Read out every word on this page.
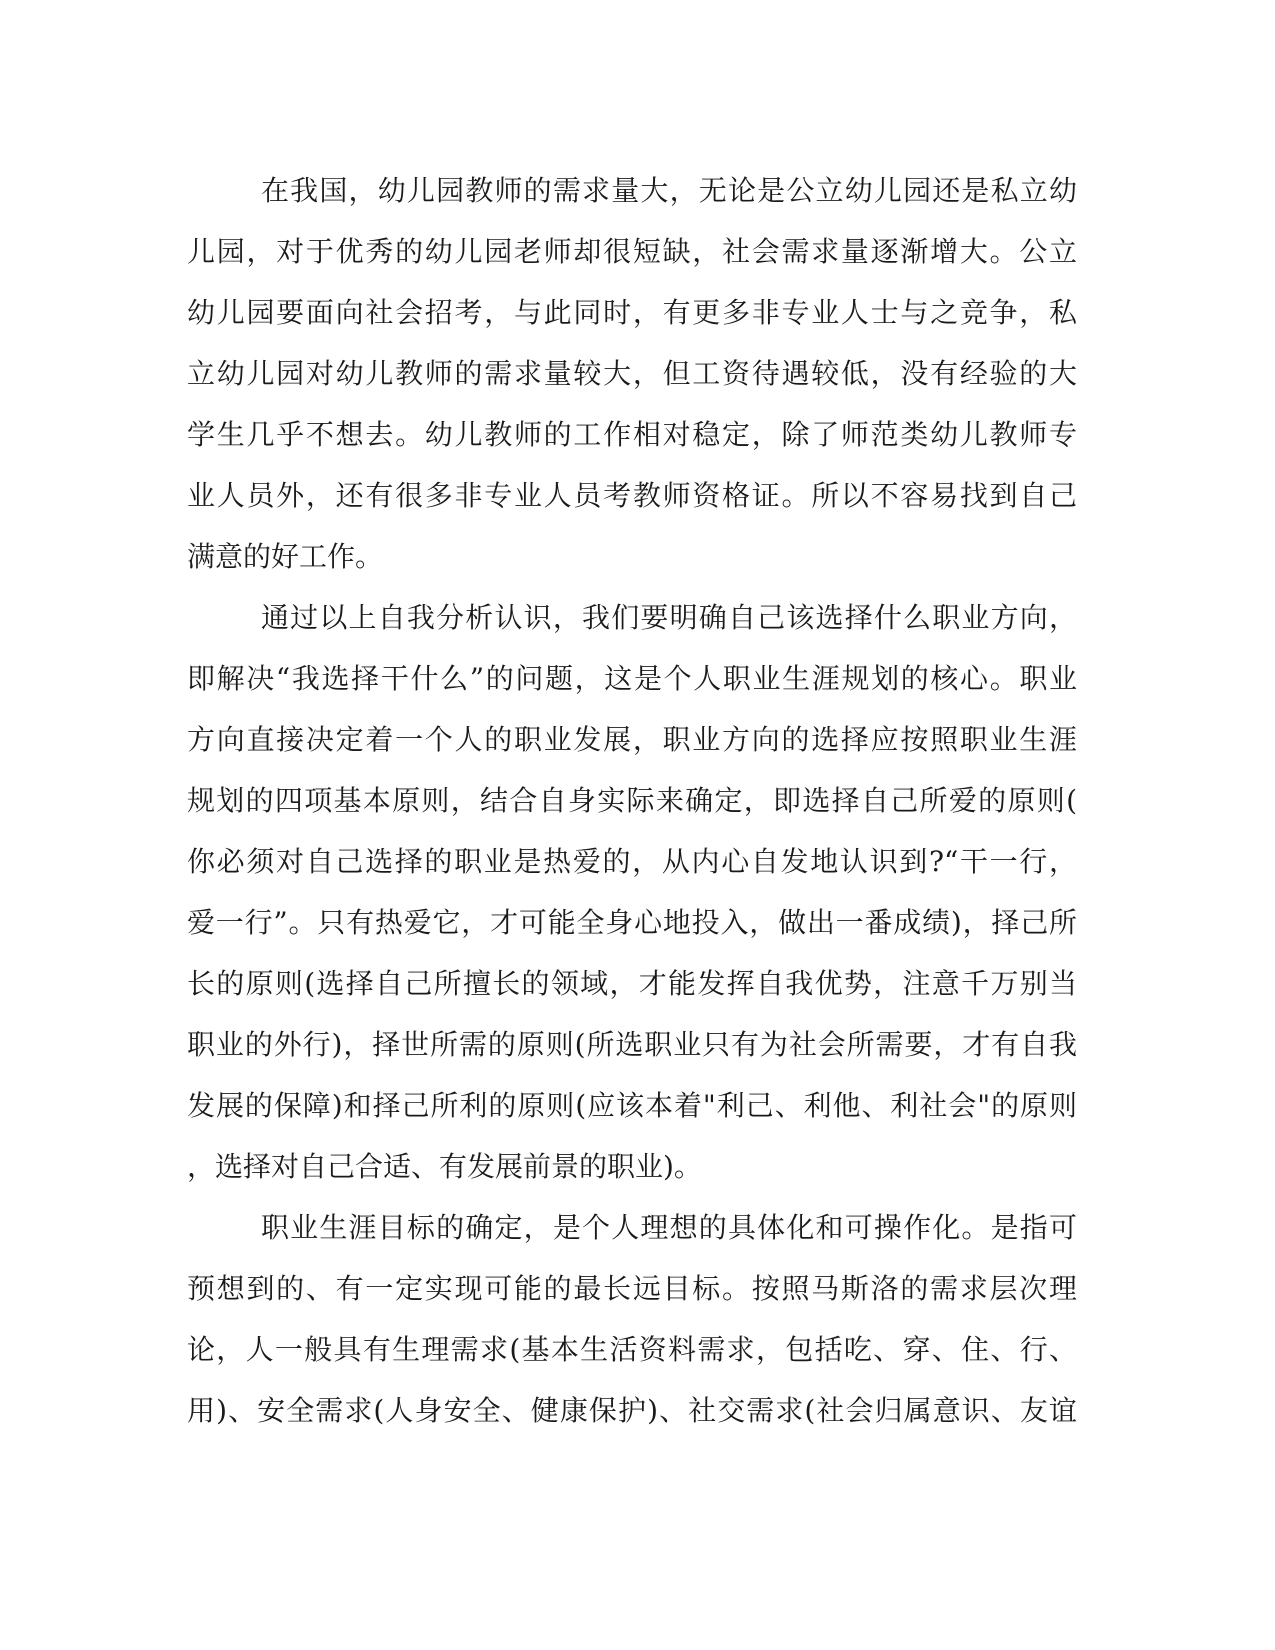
在我国，幼儿园教师的需求量大，无论是公立幼儿园还是私立幼
儿园，对于优秀的幼儿园老师却很短缺，社会需求量逐渐增大。公立
幼儿园要面向社会招考，与此同时，有更多非专业人士与之竞争，私
立幼儿园对幼儿教师的需求量较大，但工资待遇较低，没有经验的大
学生几乎不想去。幼儿教师的工作相对稳定，除了师范类幼儿教师专
业人员外，还有很多非专业人员考教师资格证。所以不容易找到自己
满意的好工作。
通过以上自我分析认识，我们要明确自己该选择什么职业方向，
即解决“我选择干什么”的问题，这是个人职业生涯规划的核心。职业
方向直接决定着一个人的职业发展，职业方向的选择应按照职业生涯
规划的四项基本原则，结合自身实际来确定，即选择自己所爱的原则(
你必须对自己选择的职业是热爱的，从内心自发地认识到?“干一行，
爱一行”。只有热爱它，才可能全身心地投入，做出一番成绩)，择己所
长的原则(选择自己所擅长的领域，才能发挥自我优势，注意千万别当
职业的外行)，择世所需的原则(所选职业只有为社会所需要，才有自我
发展的保障)和择己所利的原则(应该本着"利己、利他、利社会"的原则
，选择对自己合适、有发展前景的职业)。
职业生涯目标的确定，是个人理想的具体化和可操作化。是指可
预想到的、有一定实现可能的最长远目标。按照马斯洛的需求层次理
论，人一般具有生理需求(基本生活资料需求，包括吃、穿、住、行、
用)、安全需求(人身安全、健康保护)、社交需求(社会归属意识、友谊
